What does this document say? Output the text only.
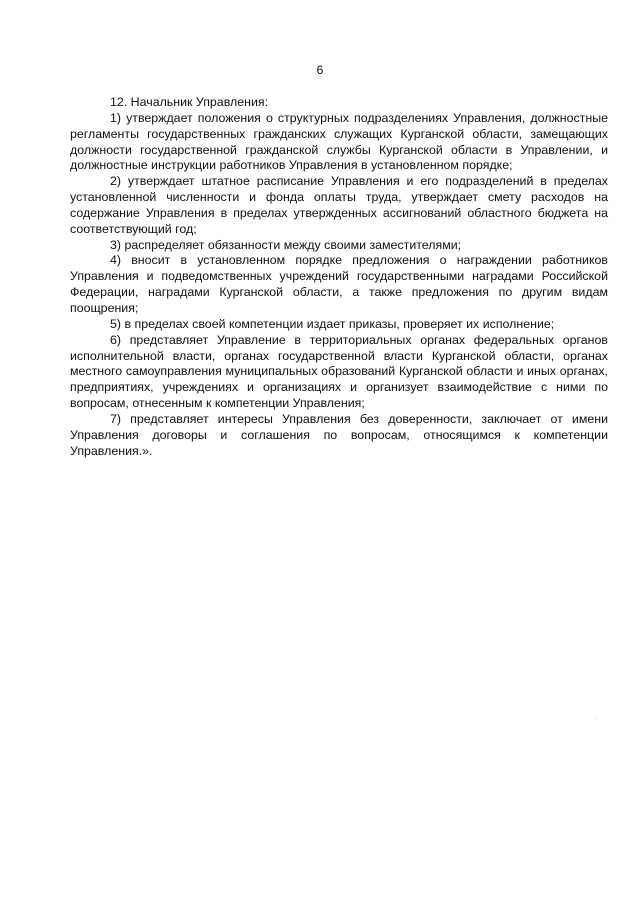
6

12. Начальник Управления:

1) утверждает положения о структурных подразделениях Управления, должностные регламенты государственных гражданских служащих Курганской области, замещающих должности государственной гражданской службы Курганской области в Управлении, и должностные инструкции работников Управления в установленном порядке;

2) утверждает штатное расписание Управления и его подразделений в пределах установленной численности и фонда оплаты труда, утверждает смету расходов на содержание Управления в пределах утвержденных ассигнований областного бюджета на соответствующий год;

3) распределяет обязанности между своими заместителями;

4) вносит в установленном порядке предложения о награждении работников Управления и подведомственных учреждений государственными наградами Российской Федерации, наградами Курганской области, а также предложения по другим видам поощрения;

5) в пределах своей компетенции издает приказы, проверяет их исполнение;

6) представляет Управление в территориальных органах федеральных органов исполнительной власти, органах государственной власти Курганской области, органах местного самоуправления муниципальных образований Курганской области и иных органах, предприятиях, учреждениях и организациях и организует взаимодействие с ними по вопросам, отнесенным к компетенции Управления;

7) представляет интересы Управления без доверенности, заключает от имени Управления договоры и соглашения по вопросам, относящимся к компетенции Управления.».
